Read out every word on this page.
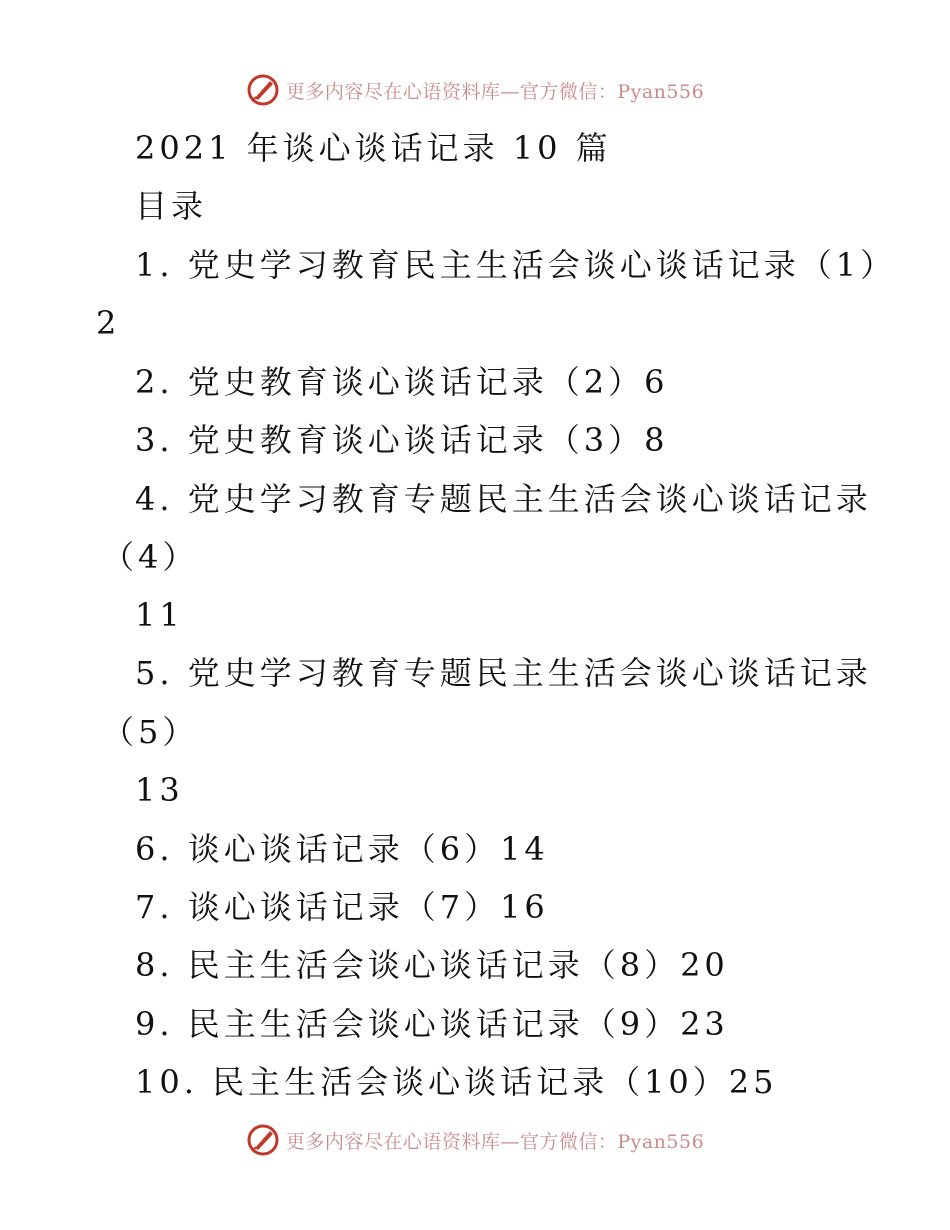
更多内容尽在心语资料库—官方微信：Pyan556
2021 年谈心谈话记录 10 篇
目录
1. 党史学习教育民主生活会谈心谈话记录（1）
2
2. 党史教育谈心谈话记录（2）6
3. 党史教育谈心谈话记录（3）8
4. 党史学习教育专题民主生活会谈心谈话记录
（4）
11
5. 党史学习教育专题民主生活会谈心谈话记录
（5）
13
6. 谈心谈话记录（6）14
7. 谈心谈话记录（7）16
8. 民主生活会谈心谈话记录（8）20
9. 民主生活会谈心谈话记录（9）23
10. 民主生活会谈心谈话记录（10）25
更多内容尽在心语资料库—官方微信：Pyan556
